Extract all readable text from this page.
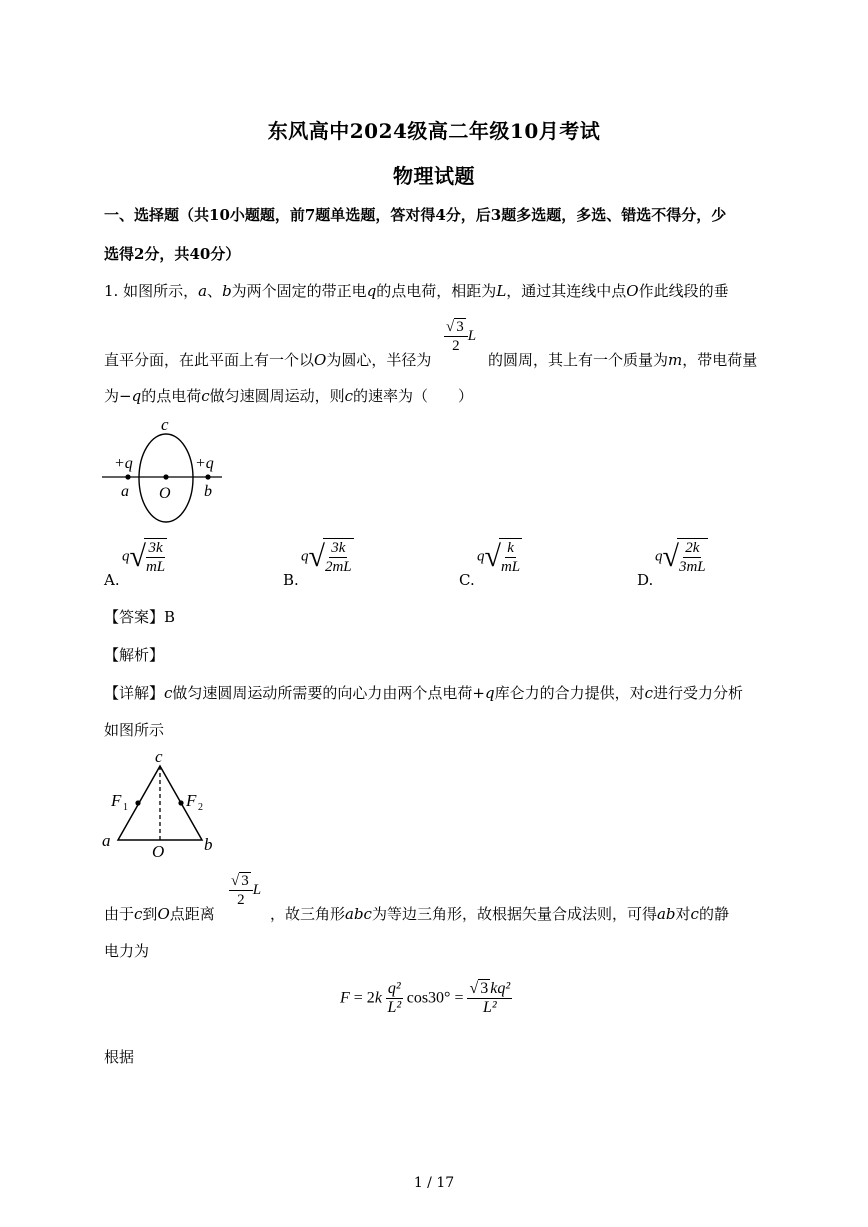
东风高中2024级高二年级10月考试
物理试题
一、选择题（共10小题题，前7题单选题，答对得4分，后3题多选题，多选、错选不得分，少
选得2分，共40分）
1. 如图所示，a、b为两个固定的带正电q的点电荷，相距为L，通过其连线中点O作此线段的垂
直平分面，在此平面上有一个以O为圆心，半径为
$\frac{√ 3}{2}$ L
的圆周，其上有一个质量为m，带电荷量
为−q的点电荷c做匀速圆周运动，则c的速率为（　　）
c
+q	+q
a O b
A.
q√
$\frac{3k}{mL}$
B.
q√
$\frac{3k}{2mL}$
C.
q√
$\frac{k}{mL}$
D.
q√
$\frac{2k}{3mL}$
【答案】B
【解析】
【详解】c做匀速圆周运动所需要的向心力由两个点电荷+q库仑力的合力提供，对c进行受力分析
如图所示
c
F 1	F 2
a
O b
由于c到O点距离
$\frac{√ 3}{2}$ L
，故三角形abc为等边三角形，故根据矢量合成法则，可得ab对c的静
电力为
$F = 2k \frac{\text{q²}}{\text{L²}} \cos 30^\circ = \frac{\text{√ 3 kq²}}{\text{L²}}$
根据
1 / 17
